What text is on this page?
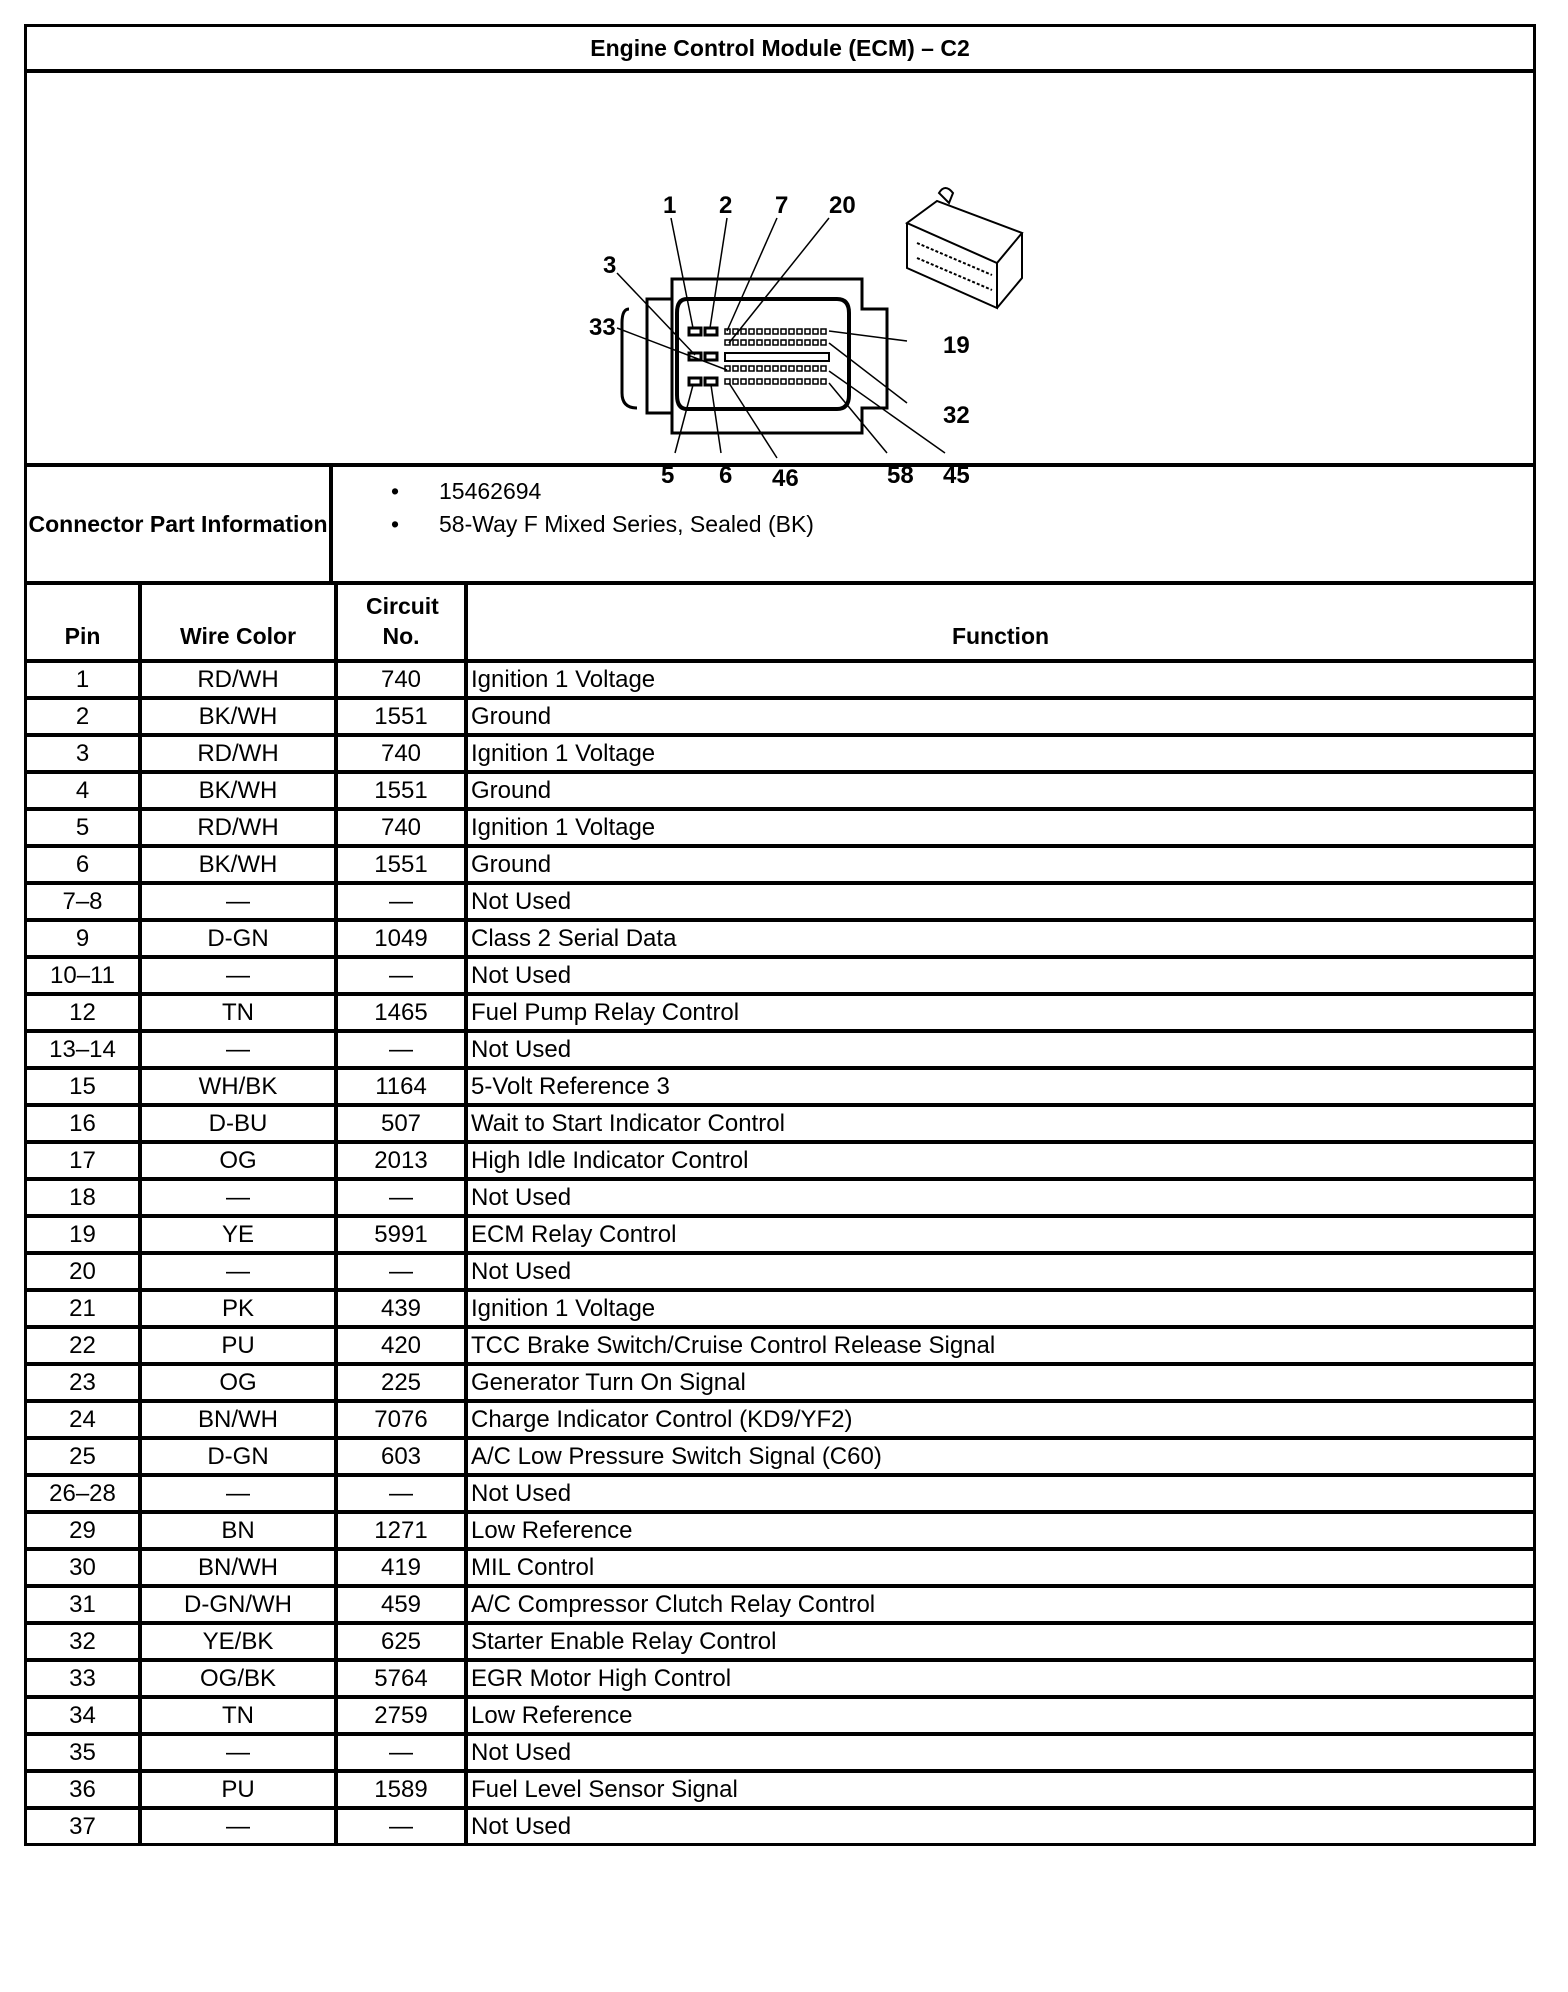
Engine Control Module (ECM) – C2
1 2 7 20
3
33
19
32
5 6 46	58 45
Connector Part Information
• 15462694
• 58-Way F Mixed Series, Sealed (BK)
Pin	Wire Color	Circuit No.	Function
1	RD/WH	740	Ignition 1 Voltage
2	BK/WH	1551	Ground
3	RD/WH	740	Ignition 1 Voltage
4	BK/WH	1551	Ground
5	RD/WH	740	Ignition 1 Voltage
6	BK/WH	1551	Ground
7–8	—	—	Not Used
9	D-GN	1049	Class 2 Serial Data
10–11	—	—	Not Used
12	TN	1465	Fuel Pump Relay Control
13–14	—	—	Not Used
15	WH/BK	1164	5-Volt Reference 3
16	D-BU	507	Wait to Start Indicator Control
17	OG	2013	High Idle Indicator Control
18	—	—	Not Used
19	YE	5991	ECM Relay Control
20	—	—	Not Used
21	PK	439	Ignition 1 Voltage
22	PU	420	TCC Brake Switch/Cruise Control Release Signal
23	OG	225	Generator Turn On Signal
24	BN/WH	7076	Charge Indicator Control (KD9/YF2)
25	D-GN	603	A/C Low Pressure Switch Signal (C60)
26–28	—	—	Not Used
29	BN	1271	Low Reference
30	BN/WH	419	MIL Control
31	D-GN/WH	459	A/C Compressor Clutch Relay Control
32	YE/BK	625	Starter Enable Relay Control
33	OG/BK	5764	EGR Motor High Control
34	TN	2759	Low Reference
35	—	—	Not Used
36	PU	1589	Fuel Level Sensor Signal
37	—	—	Not Used
